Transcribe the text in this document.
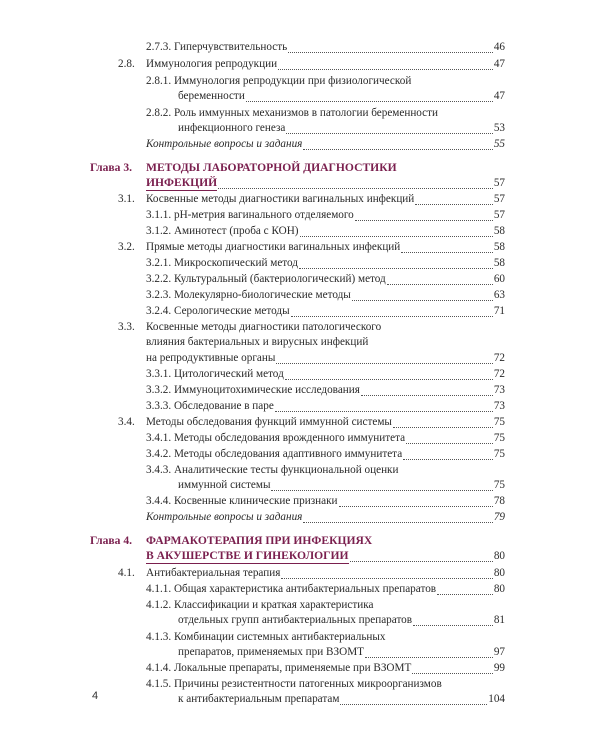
2.7.3. Гиперчувствительность	46
2.8. Иммунология репродукции	47
2.8.1. Иммунология репродукции при физиологической
беременности	47
2.8.2. Роль иммунных механизмов в патологии беременности
инфекционного генеза	53
Контрольные вопросы и задания	55
Глава 3. МЕТОДЫ ЛАБОРАТОРНОЙ ДИАГНОСТИКИ
ИНФЕКЦИЙ	57
3.1. Косвенные методы диагностики вагинальных инфекций	57
3.1.1. pH-метрия вагинального отделяемого	57
3.1.2. Аминотест (проба с КОН)	58
3.2. Прямые методы диагностики вагинальных инфекций	58
3.2.1. Микроскопический метод	58
3.2.2. Культуральный (бактериологический) метод	60
3.2.3. Молекулярно-биологические методы	63
3.2.4. Серологические методы	71
3.3. Косвенные методы диагностики патологического
влияния бактериальных и вирусных инфекций
на репродуктивные органы	72
3.3.1. Цитологический метод	72
3.3.2. Иммуноцитохимические исследования	73
3.3.3. Обследование в паре	73
3.4. Методы обследования функций иммунной системы	75
3.4.1. Методы обследования врожденного иммунитета	75
3.4.2. Методы обследования адаптивного иммунитета	75
3.4.3. Аналитические тесты функциональной оценки
иммунной системы	75
3.4.4. Косвенные клинические признаки	78
Контрольные вопросы и задания	79
Глава 4. ФАРМАКОТЕРАПИЯ ПРИ ИНФЕКЦИЯХ
В АКУШЕРСТВЕ И ГИНЕКОЛОГИИ	80
4.1. Антибактериальная терапия	80
4.1.1. Общая характеристика антибактериальных препаратов	80
4.1.2. Классификации и краткая характеристика
отдельных групп антибактериальных препаратов	81
4.1.3. Комбинации системных антибактериальных
препаратов, применяемых при ВЗОМТ	97
4.1.4. Локальные препараты, применяемые при ВЗОМТ	99
4.1.5. Причины резистентности патогенных микроорганизмов
к антибактериальным препаратам	104
4
